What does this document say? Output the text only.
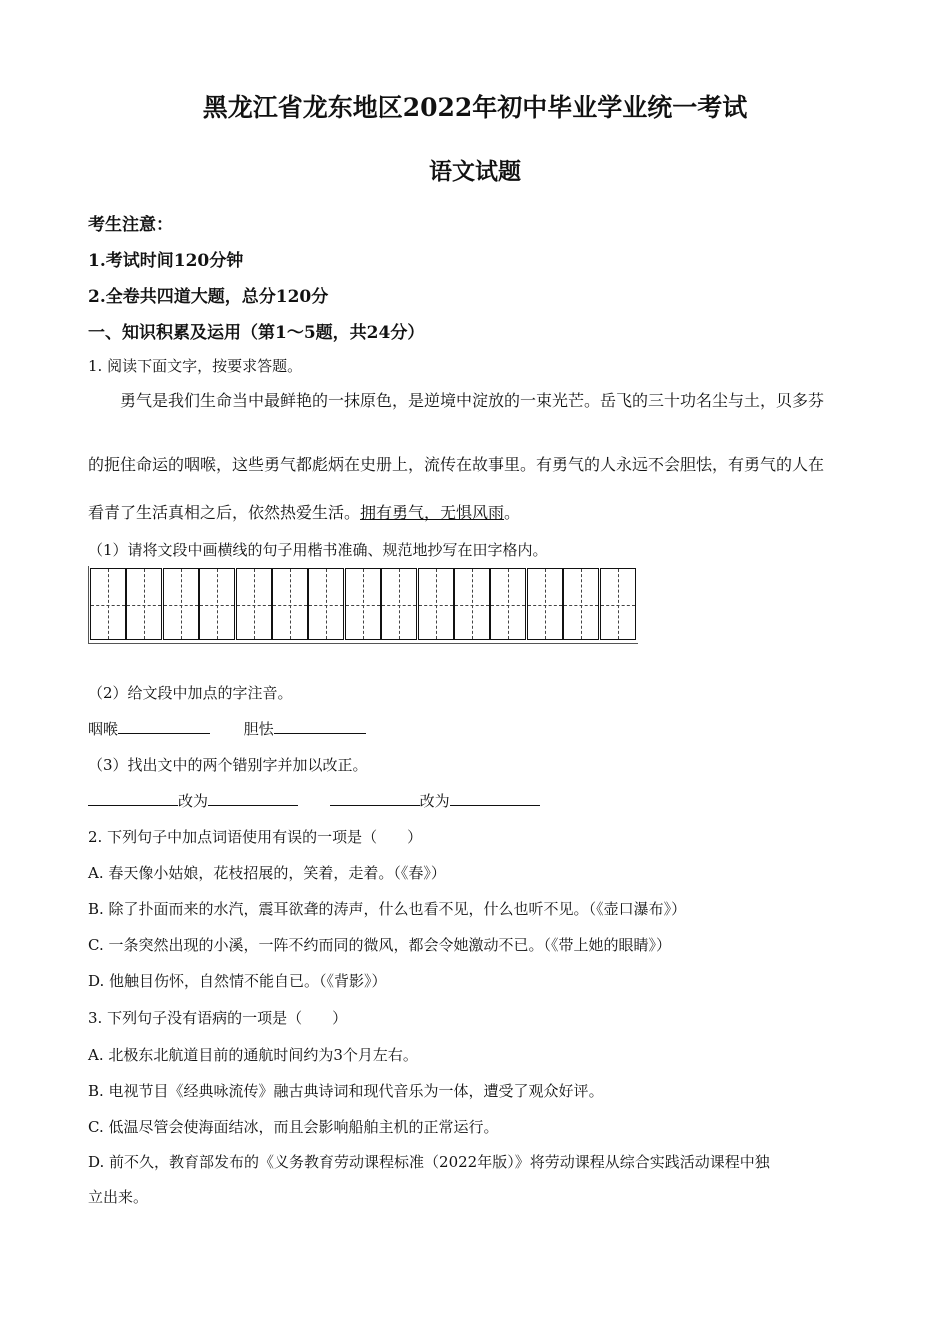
黑龙江省龙东地区2022年初中毕业学业统一考试
语文试题
考生注意：
1.考试时间120分钟
2.全卷共四道大题，总分120分
一、知识积累及运用（第1～5题，共24分）
1. 阅读下面文字，按要求答题。
勇气是我们生命当中最鲜艳的一抹原色，是逆境中淀放的一束光芒。岳飞的三十功名尘与土，贝多芬
的扼住命运的咽喉，这些勇气都彪炳在史册上，流传在故事里。有勇气的人永远不会胆怯，有勇气的人在
看青了生活真相之后，依然热爱生活。拥有勇气，无惧风雨。
（1）请将文段中画横线的句子用楷书准确、规范地抄写在田字格内。
（2）给文段中加点的字注音。
咽喉	胆怯
（3）找出文中的两个错别字并加以改正。
改为	改为
2. 下列句子中加点词语使用有误的一项是（　　）
A. 春天像小姑娘，花枝招展的，笑着，走着。（《春》）
B. 除了扑面而来的水汽，震耳欲聋的涛声，什么也看不见，什么也听不见。（《壶口瀑布》）
C. 一条突然出现的小溪，一阵不约而同的微风，都会令她激动不已。（《带上她的眼睛》）
D. 他触目伤怀，自然情不能自已。（《背影》）
3. 下列句子没有语病的一项是（　　）
A. 北极东北航道目前的通航时间约为3个月左右。
B. 电视节目《经典咏流传》融古典诗词和现代音乐为一体，遭受了观众好评。
C. 低温尽管会使海面结冰，而且会影响船舶主机的正常运行。
D. 前不久，教育部发布的《义务教育劳动课程标准（2022年版）》将劳动课程从综合实践活动课程中独
立出来。
